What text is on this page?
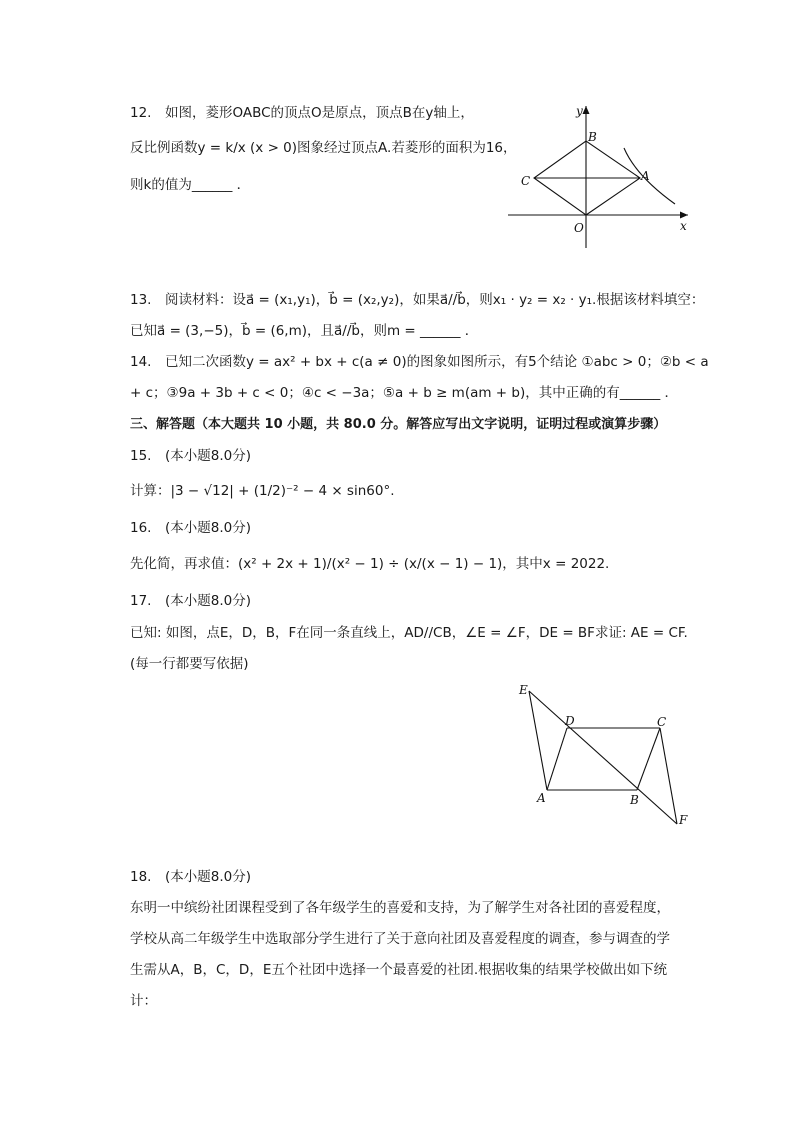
12.　如图，菱形OABC的顶点O是原点，顶点B在y轴上，
反比例函数y = k/x (x > 0)图象经过顶点A.若菱形的面积为16，
则k的值为______ ．
y
x
B
A
C
O
13.　阅读材料：设a⃗ = (x₁,y₁)，b⃗ = (x₂,y₂)，如果a⃗//b⃗，则x₁ · y₂ = x₂ · y₁.根据该材料填空：
已知a⃗ = (3,−5)，b⃗ = (6,m)，且a⃗//b⃗，则m = ______ ．
14.　已知二次函数y = ax² + bx + c(a ≠ 0)的图象如图所示，有5个结论 ①abc > 0；②b < a
+ c；③9a + 3b + c < 0；④c < −3a；⑤a + b ≥ m(am + b)，其中正确的有______ ．
三、解答题（本大题共 10 小题，共 80.0 分。解答应写出文字说明，证明过程或演算步骤）
15.　(本小题8.0分)
计算：|3 − √12| + (1/2)⁻² − 4 × sin60°.
16.　(本小题8.0分)
先化简，再求值：(x² + 2x + 1)/(x² − 1) ÷ (x/(x − 1) − 1)，其中x = 2022.
17.　(本小题8.0分)
已知: 如图，点E，D，B，F在同一条直线上，AD//CB，∠E = ∠F，DE = BF求证: AE = CF.
(每一行都要写依据)
E
D	C
A	B
F
18.　(本小题8.0分)
东明一中缤纷社团课程受到了各年级学生的喜爱和支持，为了解学生对各社团的喜爱程度，
学校从高二年级学生中选取部分学生进行了关于意向社团及喜爱程度的调查，参与调查的学
生需从A，B，C，D，E五个社团中选择一个最喜爱的社团.根据收集的结果学校做出如下统
计：
